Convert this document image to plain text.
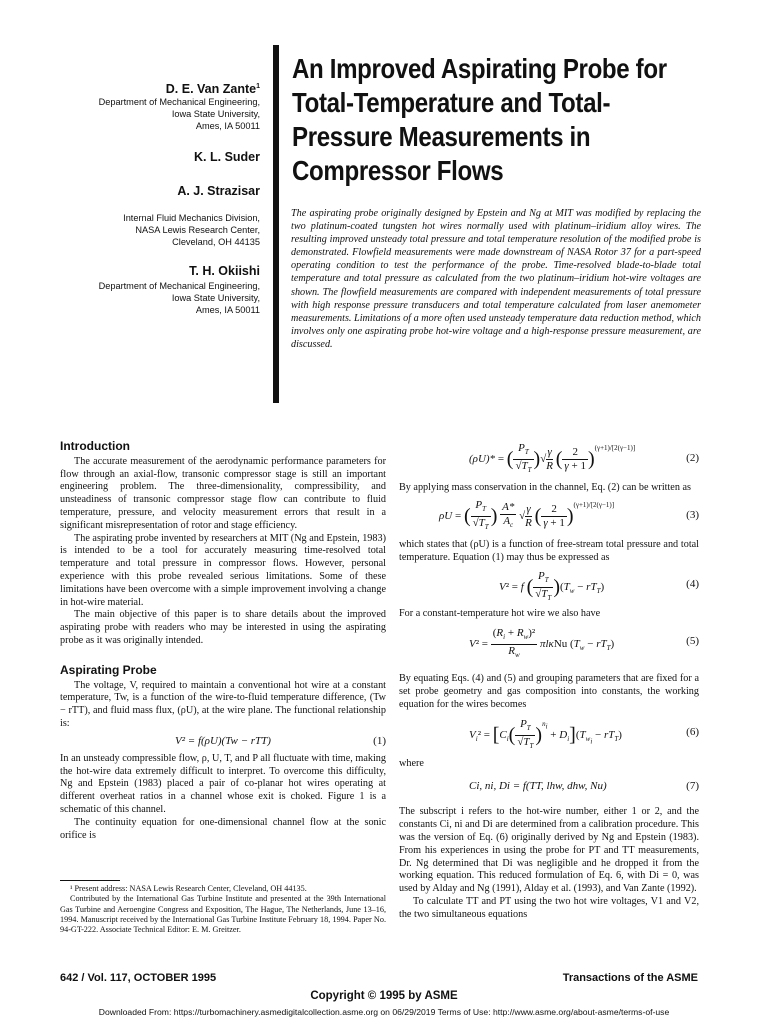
D. E. Van Zante$^1$
Department of Mechanical Engineering,
Iowa State University,
Ames, IA 50011
K. L. Suder
A. J. Strazisar
Internal Fluid Mechanics Division,
NASA Lewis Research Center,
Cleveland, OH 44135
T. H. Okiishi
Department of Mechanical Engineering,
Iowa State University,
Ames, IA 50011
An Improved Aspirating Probe for Total-Temperature and Total-Pressure Measurements in Compressor Flows
The aspirating probe originally designed by Epstein and Ng at MIT was modified by replacing the two platinum-coated tungsten hot wires normally used with platinum–iridium alloy wires. The resulting improved unsteady total pressure and total temperature resolution of the modified probe is demonstrated. Flowfield measurements were made downstream of NASA Rotor 37 for a part-speed operating condition to test the performance of the probe. Time-resolved blade-to-blade total temperature and total pressure as calculated from the two platinum–iridium hot-wire voltages are shown. The flowfield measurements are compared with independent measurements of total pressure with high response pressure transducers and total temperature calculated from laser anemometer measurements. Limitations of a more often used unsteady temperature data reduction method, which involves only one aspirating probe hot-wire voltage and a high-response pressure measurement, are discussed.
Introduction

The accurate measurement of the aerodynamic performance parameters for flow through an axial-flow, transonic compressor stage is still an important engineering problem. The three-dimensionality, compressibility, and unsteadiness of transonic compressor stage flow can contribute to fluid temperature, pressure, and velocity measurement errors that result in a significant misrepresentation of rotor and stage efficiency.

The aspirating probe invented by researchers at MIT (Ng and Epstein, 1983) is intended to be a tool for accurately measuring time-resolved total temperature and total pressure in compressor flows. However, personal experience with this probe revealed serious limitations. Some of these limitations have been overcome with a simple improvement involving a change in hot-wire material.

The main objective of this paper is to share details about the improved aspirating probe with readers who may be interested in using the aspirating probe as it was originally intended.

Aspirating Probe

The voltage, V, required to maintain a conventional hot wire at a constant temperature, Tw, is a function of the wire-to-fluid temperature difference, (Tw − rTT), and fluid mass flux, (ρU), at the wire plane. The functional relationship is:

V² = f(ρU)(Tw − rTT)	(1)

In an unsteady compressible flow, ρ, U, T, and P all fluctuate with time, making the hot-wire data extremely difficult to interpret. To overcome this difficulty, Ng and Epstein (1983) placed a pair of co-planar hot wires operating at different overheat ratios in a channel whose exit is choked. Figure 1 is a schematic of this channel.

The continuity equation for one-dimensional channel flow at the sonic orifice is

¹ Present address: NASA Lewis Research Center, Cleveland, OH 44135.

Contributed by the International Gas Turbine Institute and presented at the 39th International Gas Turbine and Aeroengine Congress and Exposition, The Hague, The Netherlands, June 13–16, 1994. Manuscript received by the International Gas Turbine Institute February 18, 1994. Paper No. 94-GT-222. Associate Technical Editor: E. M. Greitzer.

(ρU)* = ( $\frac{P_T}{√T_T}$ )√ $\frac{\gamma}{R}$ ( $\frac{2}{\gamma + 1} )^{(\gamma+1)/[2(\gamma-1)]}$
(2)

By applying mass conservation in the channel, Eq. (2) can be written as

ρU = ( $\frac{P_T}{√T_T}$ ) $\frac{A*}{A_c}$ √ $\frac{\gamma}{R}$ ( $\frac{2}{\gamma + 1} )^{(\gamma+1)/[2(\gamma-1)]}$
(3)

which states that (ρU) is a function of free-stream total pressure and total temperature. Equation (1) may thus be expressed as

V² = f ( $\frac{P_T}{√T_T} )(T_w - rT_T)$	(4)

For a constant-temperature hot wire we also have

$V^2 = \frac{(R_i + R_w)^2}{R_w}$ πlκNu $(T_w - rT_T)$	(5)

By equating Eqs. (4) and (5) and grouping parameters that are fixed for a set probe geometry and gas composition into constants, the working equation for the wires becomes

$V_i^2 = [C_i( \frac{P_T}{√T_T} )^{n_i} + D_i](T_{w_i} - rT_T)$	(6)

where

Ci, ni, Di = f(TT, lhw, dhw, Nu)	(7)

The subscript i refers to the hot-wire number, either 1 or 2, and the constants Ci, ni and Di are determined from a calibration procedure. This was the version of Eq. (6) originally derived by Ng and Epstein (1983). From his experiences in using the probe for PT and TT measurements, Dr. Ng determined that Di was negligible and he dropped it from the working equation. This reduced formulation of Eq. 6, with Di = 0, was used by Alday and Ng (1991), Alday et al. (1993), and Van Zante (1992).

To calculate TT and PT using the two hot wire voltages, V1 and V2, the two simultaneous equations

642 / Vol. 117, OCTOBER 1995	Transactions of the ASME
Copyright © 1995 by ASME
Downloaded From: https://turbomachinery.asmedigitalcollection.asme.org on 06/29/2019 Terms of Use: http://www.asme.org/about-asme/terms-of-use
